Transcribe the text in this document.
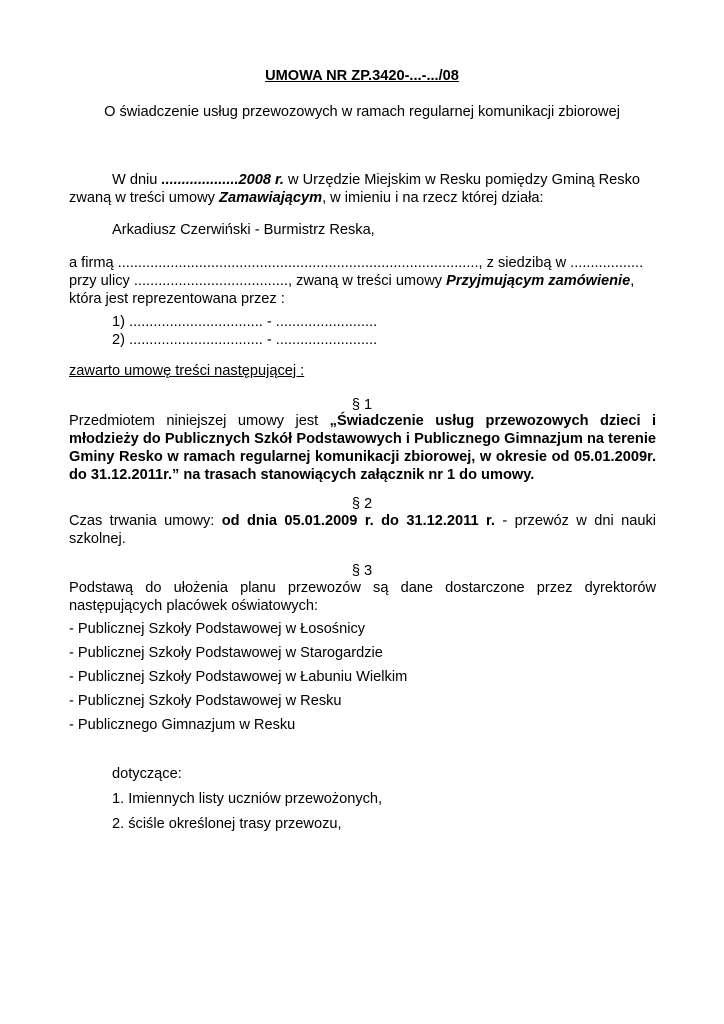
UMOWA NR ZP.3420-...-.../08
O świadczenie usług przewozowych w ramach regularnej komunikacji zbiorowej
W dniu ...................2008 r. w Urzędzie Miejskim w Resku pomiędzy Gminą Resko
zwaną w treści umowy Zamawiającym, w imieniu i na rzecz której działa:
Arkadiusz Czerwiński - Burmistrz Reska,
a firmą ........................................................................................., z siedzibą w ..................
przy ulicy ......................................, zwaną w treści umowy Przyjmującym zamówienie,
która jest reprezentowana przez :
1) ................................. - .........................
2) ................................. - .........................
zawarto umowę treści następującej :
§ 1
Przedmiotem niniejszej umowy jest „Świadczenie usług przewozowych dzieci i młodzieży do Publicznych Szkół Podstawowych i Publicznego Gimnazjum na terenie Gminy Resko w ramach regularnej komunikacji zbiorowej, w okresie od 05.01.2009r. do 31.12.2011r.” na trasach stanowiących załącznik nr 1 do umowy.
§ 2
Czas trwania umowy: od dnia 05.01.2009 r. do 31.12.2011 r. - przewóz w dni nauki szkolnej.
§ 3
Podstawą do ułożenia planu przewozów są dane dostarczone przez dyrektorów następujących placówek oświatowych:
- Publicznej Szkoły Podstawowej w Łosośnicy
- Publicznej Szkoły Podstawowej w Starogardzie
- Publicznej Szkoły Podstawowej w Łabuniu Wielkim
- Publicznej Szkoły Podstawowej w Resku
- Publicznego Gimnazjum w Resku
dotyczące:
1. Imiennych listy uczniów przewożonych,
2. ściśle określonej trasy przewozu,
